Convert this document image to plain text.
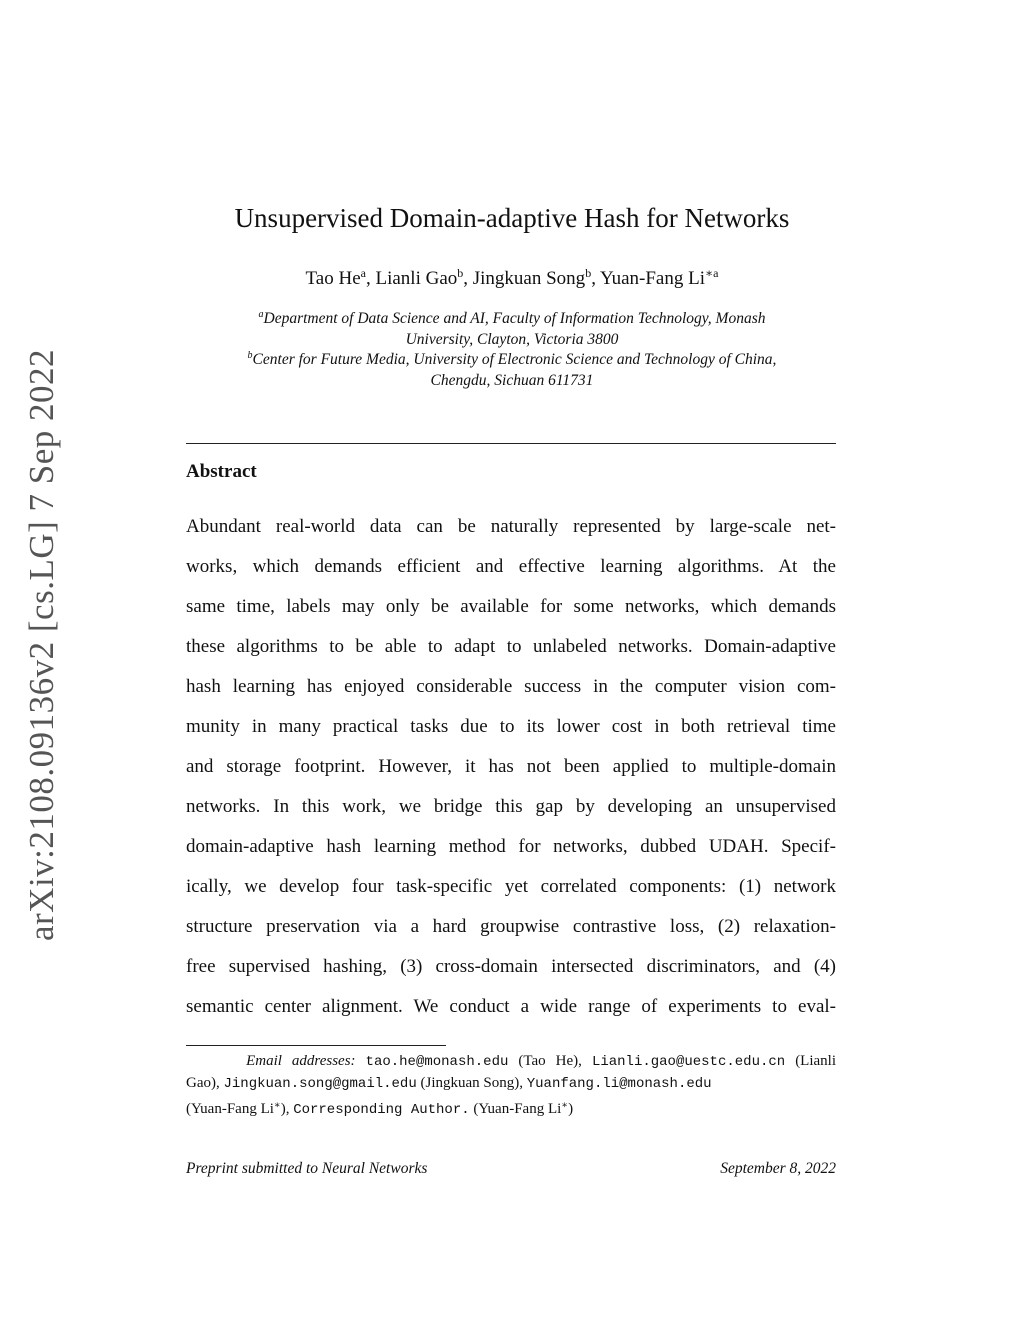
arXiv:2108.09136v2 [cs.LG] 7 Sep 2022
Unsupervised Domain-adaptive Hash for Networks
Tao He$^a$, Lianli Gao$^b$, Jingkuan Song$^b$, Yuan-Fang $Li^{∗a}$
$^a$Department of Data Science and AI, Faculty of Information Technology, Monash
University, Clayton, Victoria 3800
$^b$Center for Future Media, University of Electronic Science and Technology of China,
Chengdu, Sichuan 611731
Abstract
Abundant real-world data can be naturally represented by large-scale net-
works, which demands efficient and effective learning algorithms. At the
same time, labels may only be available for some networks, which demands
these algorithms to be able to adapt to unlabeled networks. Domain-adaptive
hash learning has enjoyed considerable success in the computer vision com-
munity in many practical tasks due to its lower cost in both retrieval time
and storage footprint. However, it has not been applied to multiple-domain
networks. In this work, we bridge this gap by developing an unsupervised
domain-adaptive hash learning method for networks, dubbed UDAH. Specif-
ically, we develop four task-specific yet correlated components: (1) network
structure preservation via a hard groupwise contrastive loss, (2) relaxation-
free supervised hashing, (3) cross-domain intersected discriminators, and (4)
semantic center alignment. We conduct a wide range of experiments to eval-
Email addresses: tao.he@monash.edu (Tao He), Lianli.gao@uestc.edu.cn (Lianli
Gao), Jingkuan.song@gmail.edu (Jingkuan Song), Yuanfang.li@monash.edu
(Yuan-Fang Li∗), Corresponding Author. (Yuan-Fang Li∗)
Preprint submitted to Neural Networks	September 8, 2022
